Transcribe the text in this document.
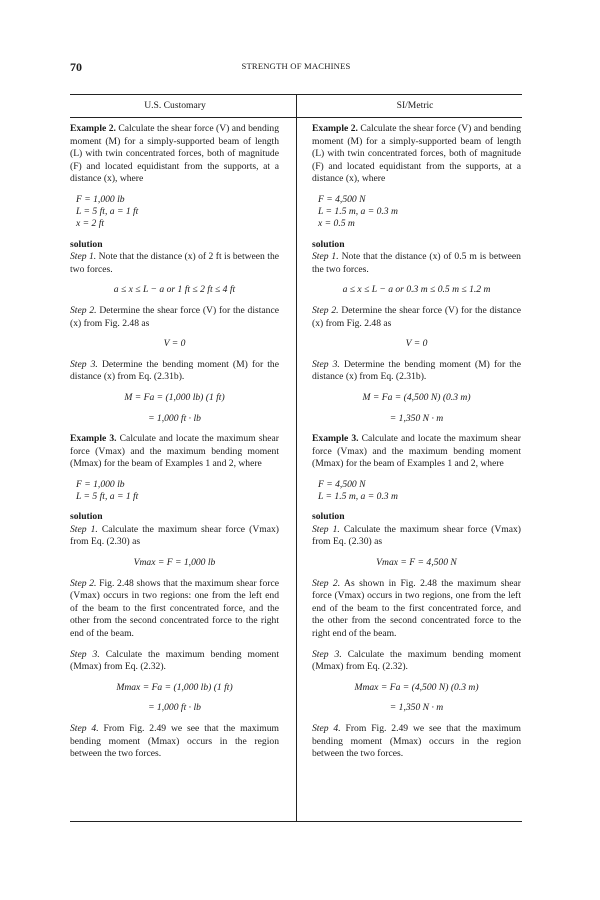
70	STRENGTH OF MACHINES
U.S. Customary	SI/Metric

Example 2. Calculate the shear force (V) and bending moment (M) for a simply-supported beam of length (L) with twin concentrated forces, both of magnitude (F) and located equidistant from the supports, at a distance (x), where

F = 1,000 lb
L = 5 ft, a = 1 ft
x = 2 ft

solution

Step 1. Note that the distance (x) of 2 ft is between the two forces.

a ≤ x ≤ L − a or 1 ft ≤ 2 ft ≤ 4 ft

Step 2. Determine the shear force (V) for the distance (x) from Fig. 2.48 as

V = 0

Step 3. Determine the bending moment (M) for the distance (x) from Eq. (2.31b).

M = Fa = (1,000 lb) (1 ft)
= 1,000 ft · lb

Example 3. Calculate and locate the maximum shear force (Vmax) and the maximum bending moment (Mmax) for the beam of Examples 1 and 2, where

F = 1,000 lb
L = 5 ft, a = 1 ft

solution

Step 1. Calculate the maximum shear force (Vmax) from Eq. (2.30) as

Vmax = F = 1,000 lb

Step 2. Fig. 2.48 shows that the maximum shear force (Vmax) occurs in two regions: one from the left end of the beam to the first concentrated force, and the other from the second concentrated force to the right end of the beam.

Step 3. Calculate the maximum bending moment (Mmax) from Eq. (2.32).

Mmax = Fa = (1,000 lb) (1 ft)
= 1,000 ft · lb

Step 4. From Fig. 2.49 we see that the maximum bending moment (Mmax) occurs in the region between the two forces.

Example 2. Calculate the shear force (V) and bending moment (M) for a simply-supported beam of length (L) with twin concentrated forces, both of magnitude (F) and located equidistant from the supports, at a distance (x), where

F = 4,500 N
L = 1.5 m, a = 0.3 m
x = 0.5 m

solution

Step 1. Note that the distance (x) of 0.5 m is between the two forces.

a ≤ x ≤ L − a or 0.3 m ≤ 0.5 m ≤ 1.2 m

Step 2. Determine the shear force (V) for the distance (x) from Fig. 2.48 as

V = 0

Step 3. Determine the bending moment (M) for the distance (x) from Eq. (2.31b).

M = Fa = (4,500 N) (0.3 m)
= 1,350 N · m

Example 3. Calculate and locate the maximum shear force (Vmax) and the maximum bending moment (Mmax) for the beam of Examples 1 and 2, where

F = 4,500 N
L = 1.5 m, a = 0.3 m

solution

Step 1. Calculate the maximum shear force (Vmax) from Eq. (2.30) as

Vmax = F = 4,500 N

Step 2. As shown in Fig. 2.48 the maximum shear force (Vmax) occurs in two regions, one from the left end of the beam to the first concentrated force, and the other from the second concentrated force to the right end of the beam.

Step 3. Calculate the maximum bending moment (Mmax) from Eq. (2.32).

Mmax = Fa = (4,500 N) (0.3 m)
= 1,350 N · m

Step 4. From Fig. 2.49 we see that the maximum bending moment (Mmax) occurs in the region between the two forces.
